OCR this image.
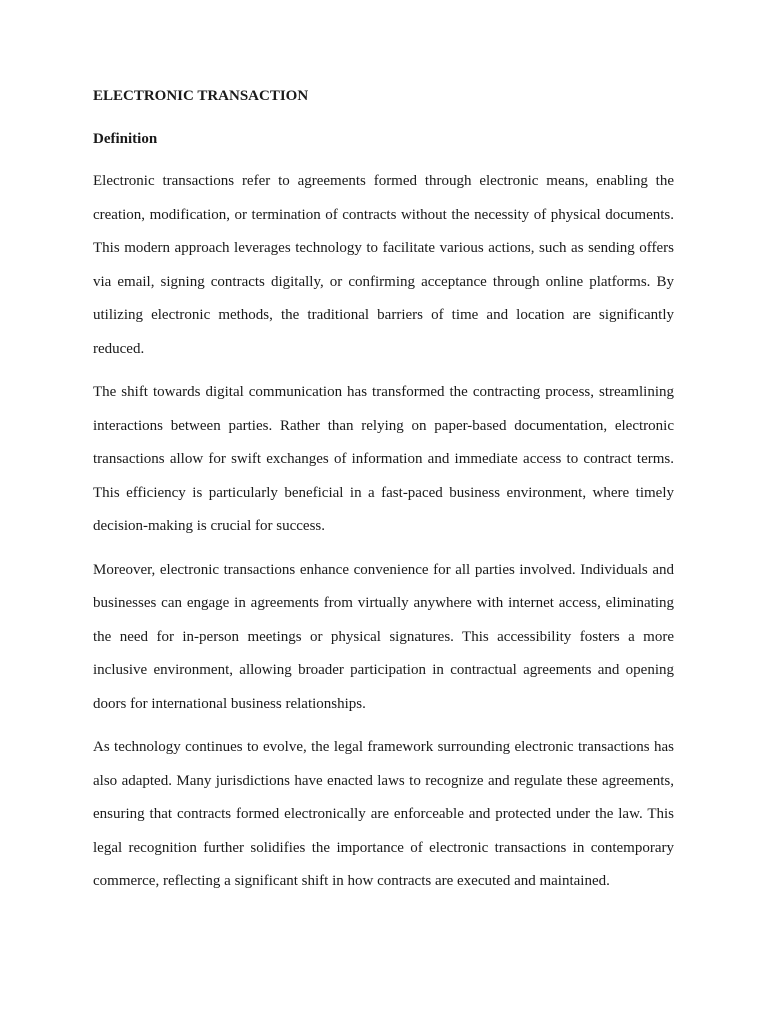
ELECTRONIC TRANSACTION
Definition

Electronic transactions refer to agreements formed through electronic means, enabling the creation, modification, or termination of contracts without the necessity of physical documents. This modern approach leverages technology to facilitate various actions, such as sending offers via email, signing contracts digitally, or confirming acceptance through online platforms. By utilizing electronic methods, the traditional barriers of time and location are significantly reduced.

The shift towards digital communication has transformed the contracting process, streamlining interactions between parties. Rather than relying on paper-based documentation, electronic transactions allow for swift exchanges of information and immediate access to contract terms. This efficiency is particularly beneficial in a fast-paced business environment, where timely decision-making is crucial for success.

Moreover, electronic transactions enhance convenience for all parties involved. Individuals and businesses can engage in agreements from virtually anywhere with internet access, eliminating the need for in-person meetings or physical signatures. This accessibility fosters a more inclusive environment, allowing broader participation in contractual agreements and opening doors for international business relationships.

As technology continues to evolve, the legal framework surrounding electronic transactions has also adapted. Many jurisdictions have enacted laws to recognize and regulate these agreements, ensuring that contracts formed electronically are enforceable and protected under the law. This legal recognition further solidifies the importance of electronic transactions in contemporary commerce, reflecting a significant shift in how contracts are executed and maintained.
